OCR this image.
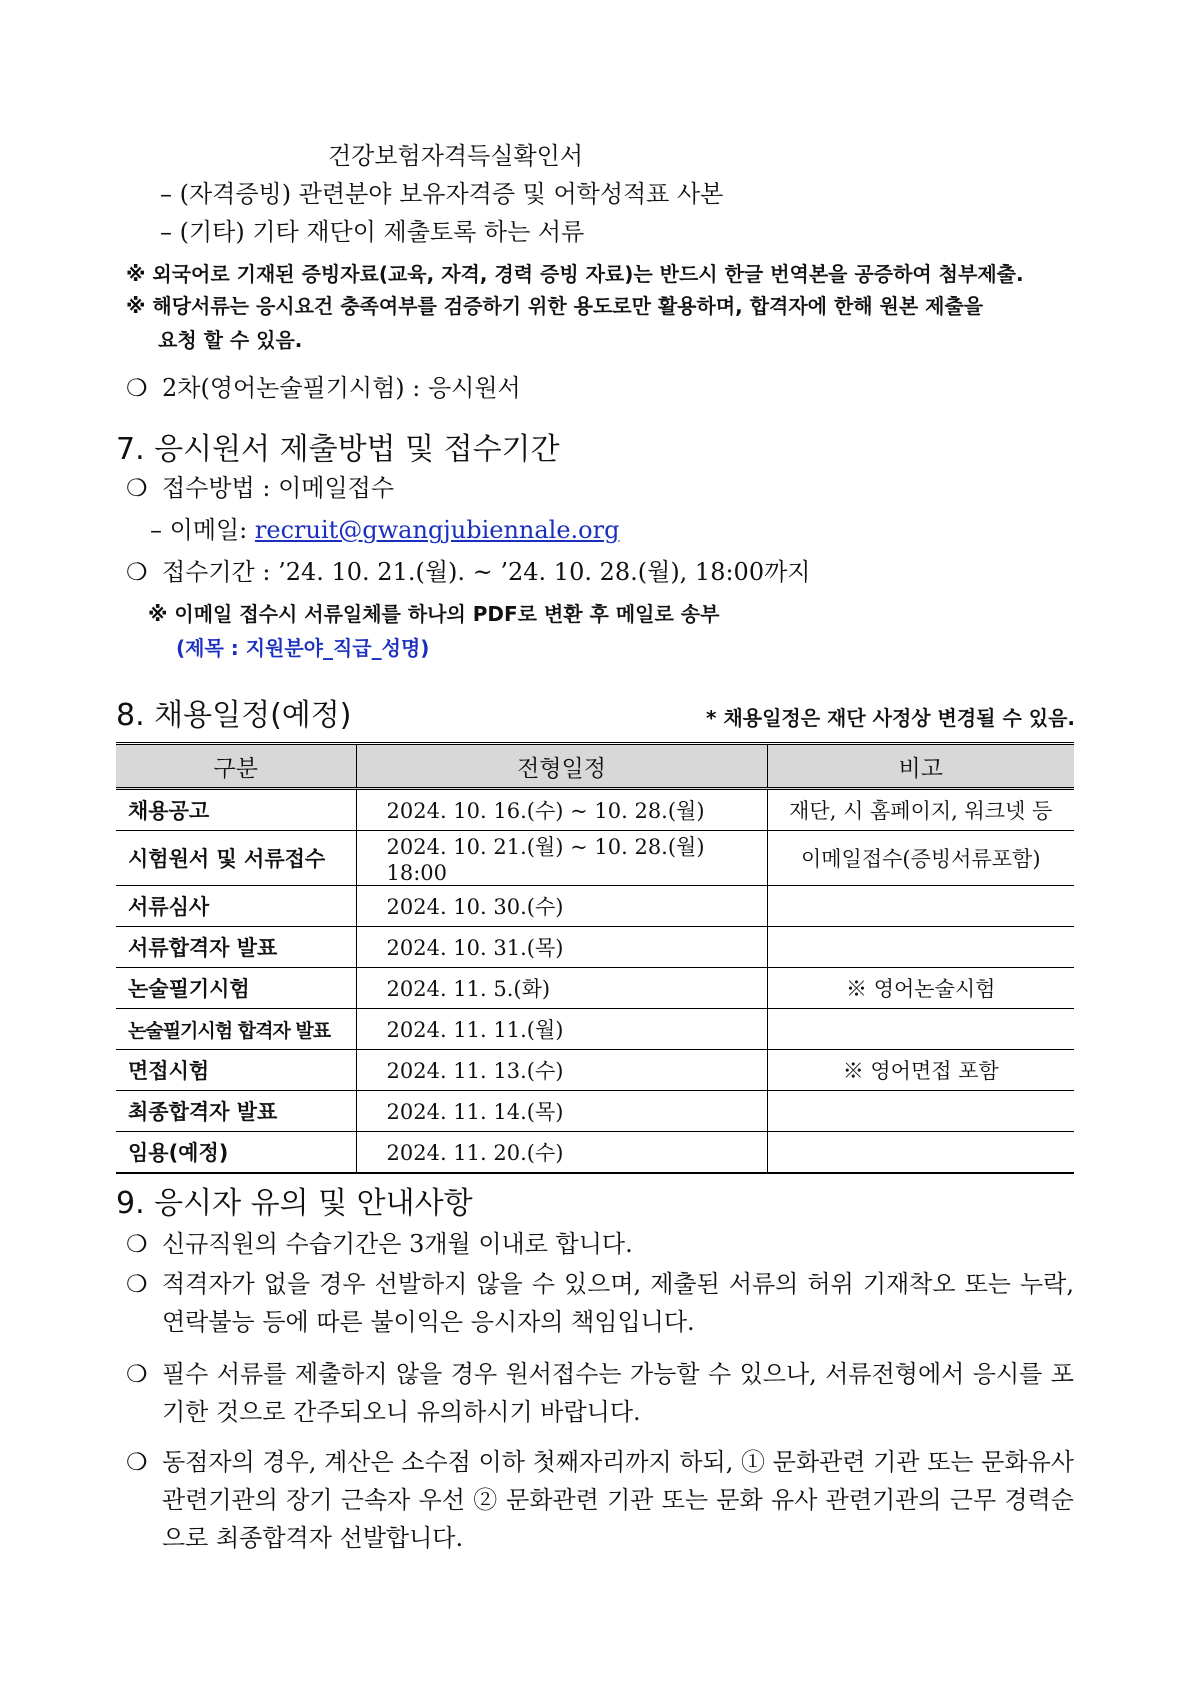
건강보험자격득실확인서
– (자격증빙) 관련분야 보유자격증 및 어학성적표 사본
– (기타) 기타 재단이 제출토록 하는 서류
※ 외국어로 기재된 증빙자료(교육, 자격, 경력 증빙 자료)는 반드시 한글 번역본을 공증하여 첨부제출.
※ 해당서류는 응시요건 충족여부를 검증하기 위한 용도로만 활용하며, 합격자에 한해 원본 제출을
요청 할 수 있음.
❍ 2차(영어논술필기시험) : 응시원서
7. 응시원서 제출방법 및 접수기간
❍ 접수방법 : 이메일접수
– 이메일: recruit@gwangjubiennale.org
❍ 접수기간 : ’24. 10. 21.(월). ~ ’24. 10. 28.(월), 18:00까지
※ 이메일 접수시 서류일체를 하나의 PDF로 변환 후 메일로 송부
(제목 : 지원분야_직급_성명)
8. 채용일정(예정)	* 채용일정은 재단 사정상 변경될 수 있음.
구분	전형일정	비고
채용공고	2024. 10. 16.(수) ~ 10. 28.(월)	재단, 시 홈페이지, 워크넷 등
시험원서 및 서류접수	2024. 10. 21.(월) ~ 10. 28.(월) 18:00	이메일접수(증빙서류포함)
서류심사	2024. 10. 30.(수)	
서류합격자 발표	2024. 10. 31.(목)	
논술필기시험	2024. 11. 5.(화)	※ 영어논술시험
논술필기시험 합격자 발표	2024. 11. 11.(월)	
면접시험	2024. 11. 13.(수)	※ 영어면접 포함
최종합격자 발표	2024. 11. 14.(목)	
임용(예정)	2024. 11. 20.(수)	
9. 응시자 유의 및 안내사항
❍ 신규직원의 수습기간은 3개월 이내로 합니다.
❍ 적격자가 없을 경우 선발하지 않을 수 있으며, 제출된 서류의 허위 기재착오 또는 누락, 연락불능 등에 따른 불이익은 응시자의 책임입니다.
❍ 필수 서류를 제출하지 않을 경우 원서접수는 가능할 수 있으나, 서류전형에서 응시를 포기한 것으로 간주되오니 유의하시기 바랍니다.
❍ 동점자의 경우, 계산은 소수점 이하 첫째자리까지 하되, ① 문화관련 기관 또는 문화유사 관련기관의 장기 근속자 우선 ② 문화관련 기관 또는 문화 유사 관련기관의 근무 경력순으로 최종합격자 선발합니다.
